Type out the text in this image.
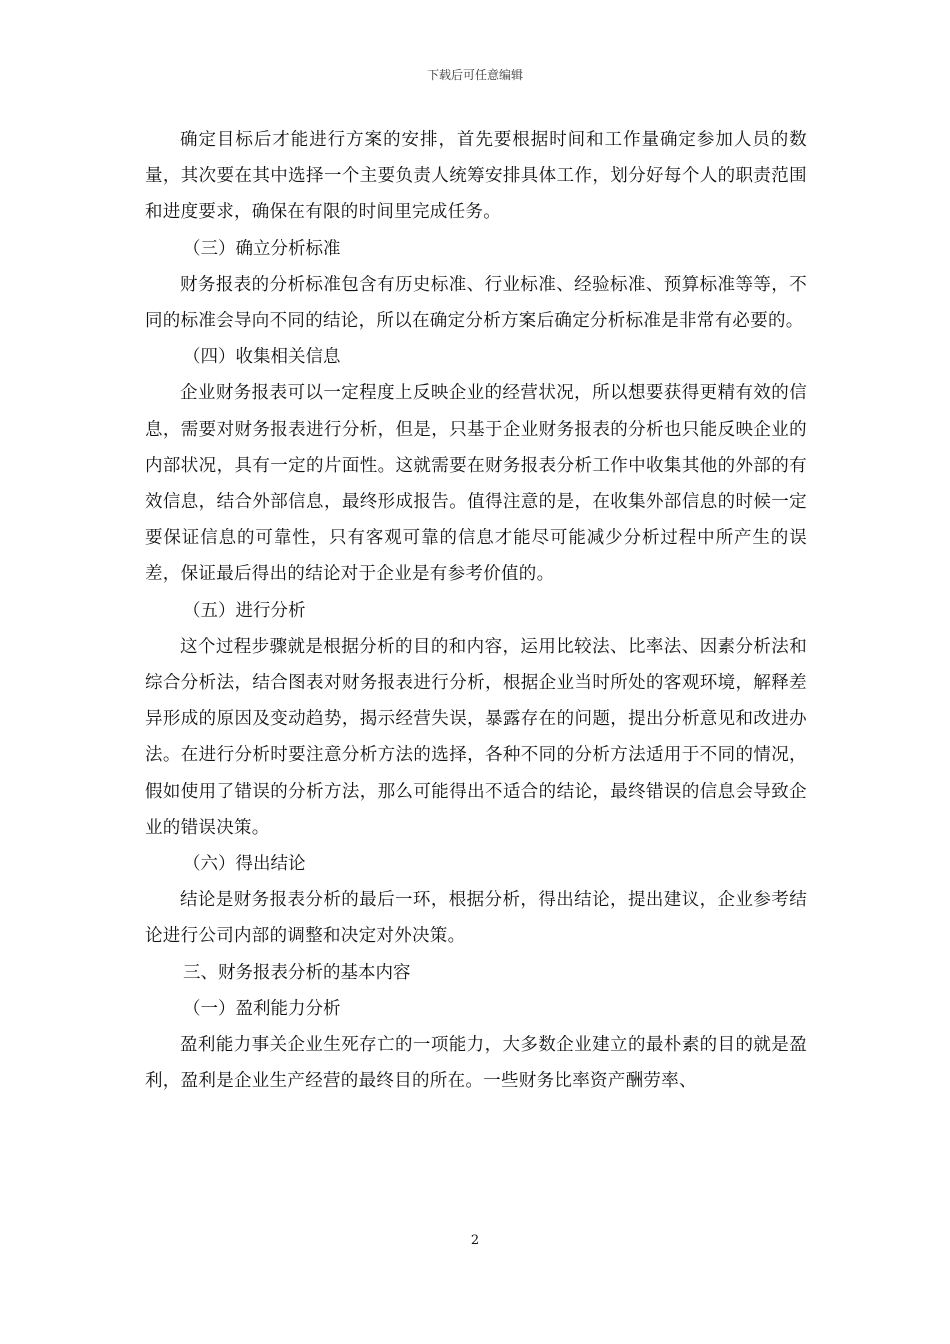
下载后可任意编辑

确定目标后才能进行方案的安排，首先要根据时间和工作量确定参加人员的数量，其次要在其中选择一个主要负责人统筹安排具体工作，划分好每个人的职责范围和进度要求，确保在有限的时间里完成任务。

（三）确立分析标准

财务报表的分析标准包含有历史标准、行业标准、经验标准、预算标准等等，不同的标准会导向不同的结论，所以在确定分析方案后确定分析标准是非常有必要的。

（四）收集相关信息

企业财务报表可以一定程度上反映企业的经营状况，所以想要获得更精有效的信息，需要对财务报表进行分析，但是，只基于企业财务报表的分析也只能反映企业的内部状况，具有一定的片面性。这就需要在财务报表分析工作中收集其他的外部的有效信息，结合外部信息，最终形成报告。值得注意的是，在收集外部信息的时候一定要保证信息的可靠性，只有客观可靠的信息才能尽可能减少分析过程中所产生的误差，保证最后得出的结论对于企业是有参考价值的。

（五）进行分析

这个过程步骤就是根据分析的目的和内容，运用比较法、比率法、因素分析法和综合分析法，结合图表对财务报表进行分析，根据企业当时所处的客观环境，解释差异形成的原因及变动趋势，揭示经营失误，暴露存在的问题，提出分析意见和改进办法。在进行分析时要注意分析方法的选择，各种不同的分析方法适用于不同的情况，假如使用了错误的分析方法，那么可能得出不适合的结论，最终错误的信息会导致企业的错误决策。

（六）得出结论

结论是财务报表分析的最后一环，根据分析，得出结论，提出建议，企业参考结论进行公司内部的调整和决定对外决策。

三、财务报表分析的基本内容

（一）盈利能力分析

盈利能力事关企业生死存亡的一项能力，大多数企业建立的最朴素的目的就是盈利，盈利是企业生产经营的最终目的所在。一些财务比率资产酬劳率、

2
